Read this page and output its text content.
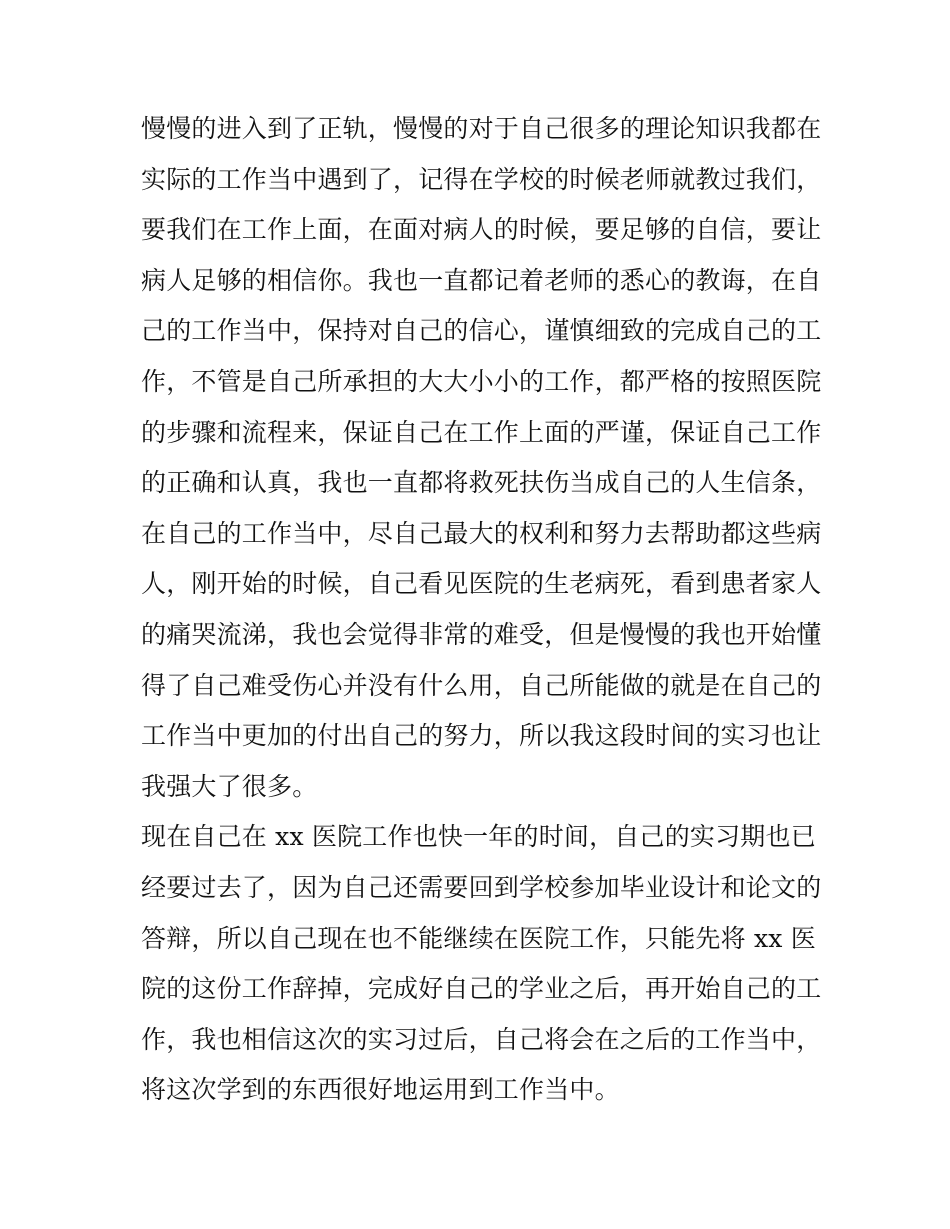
慢慢的进入到了正轨，慢慢的对于自己很多的理论知识我都在
实际的工作当中遇到了，记得在学校的时候老师就教过我们，
要我们在工作上面，在面对病人的时候，要足够的自信，要让
病人足够的相信你。我也一直都记着老师的悉心的教诲，在自
己的工作当中，保持对自己的信心，谨慎细致的完成自己的工
作，不管是自己所承担的大大小小的工作，都严格的按照医院
的步骤和流程来，保证自己在工作上面的严谨，保证自己工作
的正确和认真，我也一直都将救死扶伤当成自己的人生信条，
在自己的工作当中，尽自己最大的权利和努力去帮助都这些病
人，刚开始的时候，自己看见医院的生老病死，看到患者家人
的痛哭流涕，我也会觉得非常的难受，但是慢慢的我也开始懂
得了自己难受伤心并没有什么用，自己所能做的就是在自己的
工作当中更加的付出自己的努力，所以我这段时间的实习也让
我强大了很多。
现在自己在 xx 医院工作也快一年的时间，自己的实习期也已
经要过去了，因为自己还需要回到学校参加毕业设计和论文的
答辩，所以自己现在也不能继续在医院工作，只能先将 xx 医
院的这份工作辞掉，完成好自己的学业之后，再开始自己的工
作，我也相信这次的实习过后，自己将会在之后的工作当中，
将这次学到的东西很好地运用到工作当中。
